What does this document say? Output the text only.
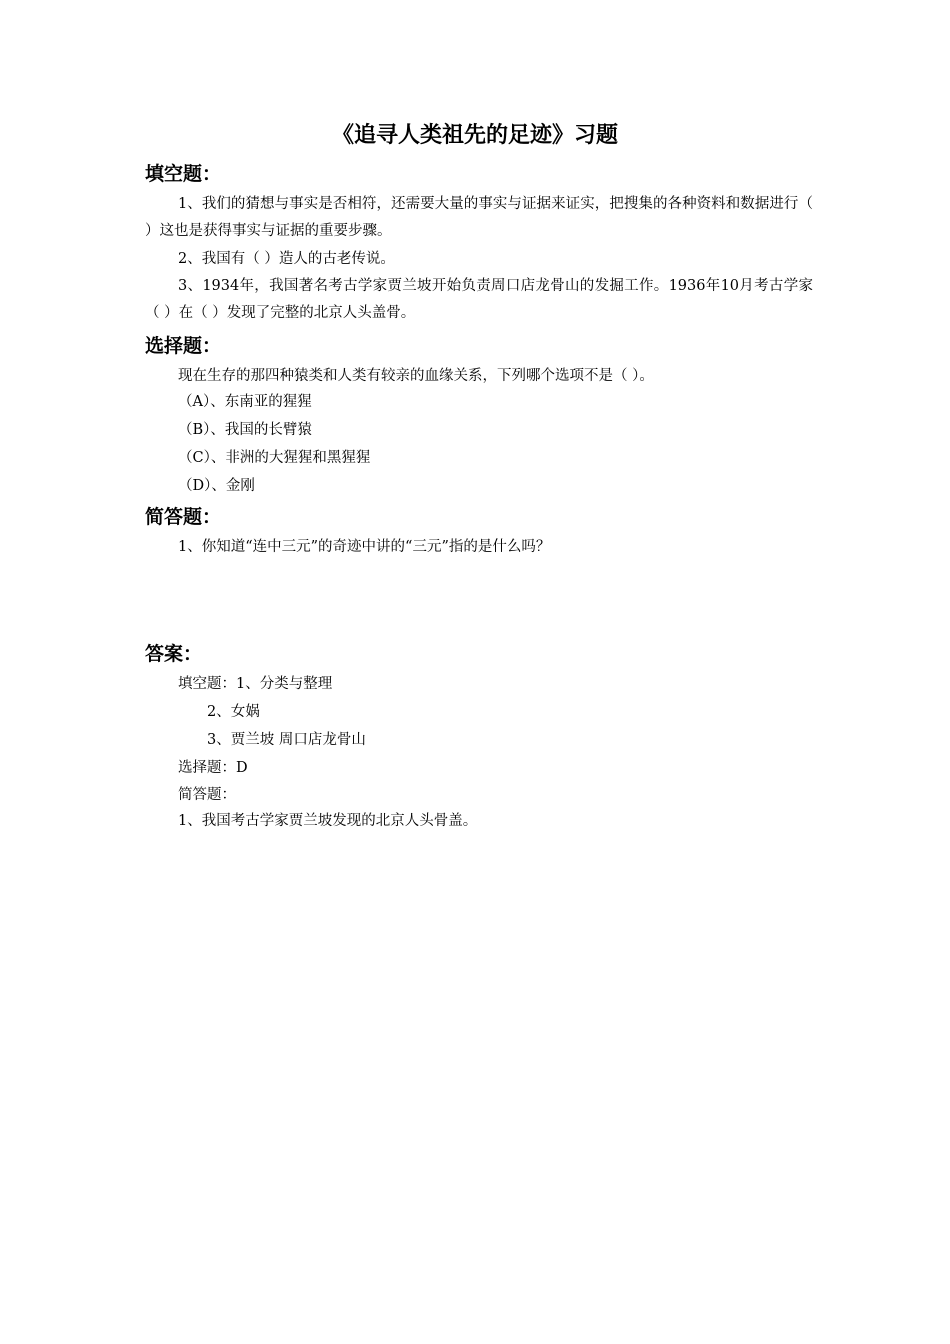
《追寻人类祖先的足迹》习题
填空题：
1、我们的猜想与事实是否相符，还需要大量的事实与证据来证实，把搜集的各种资料和数据进行（ ）这也是获得事实与证据的重要步骤。
2、我国有（ ）造人的古老传说。
3、1934年，我国著名考古学家贾兰坡开始负责周口店龙骨山的发掘工作。1936年10月考古学家（ ）在（ ）发现了完整的北京人头盖骨。
选择题：
现在生存的那四种猿类和人类有较亲的血缘关系，下列哪个选项不是（ ）。
（A）、东南亚的猩猩
（B）、我国的长臂猿
（C）、非洲的大猩猩和黑猩猩
（D）、金刚
简答题：
1、你知道“连中三元”的奇迹中讲的“三元”指的是什么吗？
答案：
填空题：1、分类与整理
2、女娲
3、贾兰坡 周口店龙骨山
选择题：D
简答题：
1、我国考古学家贾兰坡发现的北京人头骨盖。
